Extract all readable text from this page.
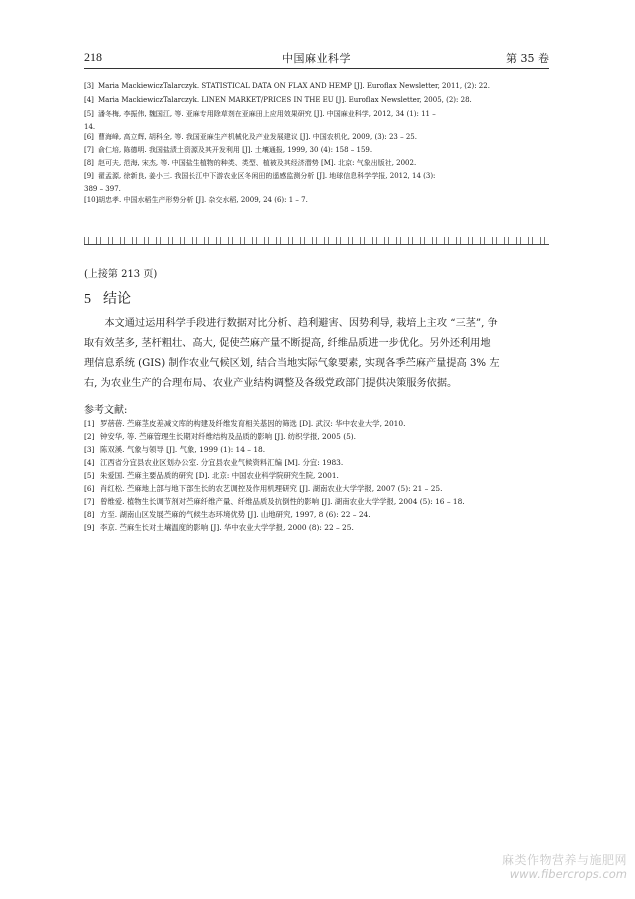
218	中国麻业科学	第 35 卷
[3] Maria MackiewiczTalarczyk. STATISTICAL DATA ON FLAX AND HEMP [J]. Euroflax Newsletter, 2011, (2): 22.
[4] Maria MackiewiczTalarczyk. LINEN MARKET/PRICES IN THE EU [J]. Euroflax Newsletter, 2005, (2): 28.
[5] 潘冬梅, 李振伟, 魏国江, 等. 亚麻专用除草剂在亚麻田上应用效果研究 [J]. 中国麻业科学, 2012, 34 (1): 11 –
14.
[6] 曹海峰, 高立辉, 胡科全, 等. 我国亚麻生产机械化及产业发展建议 [J]. 中国农机化, 2009, (3): 23 – 25.
[7] 俞仁培, 陈德明. 我国盐渍土资源及其开发利用 [J]. 土壤通报, 1999, 30 (4): 158 – 159.
[8] 赵可夫, 范海, 宋杰, 等. 中国盐生植物的种类、类型、植被及其经济潜势 [M]. 北京: 气象出版社, 2002.
[9] 翟孟源, 徐新良, 姜小三. 我国长江中下游农业区冬闲田的遥感监测分析 [J]. 地球信息科学学报, 2012, 14 (3):
389 – 397.
[10]胡忠孝. 中国水稻生产形势分析 [J]. 杂交水稻, 2009, 24 (6): 1 – 7.
(上接第 213 页)
5 结论
　　本文通过运用科学手段进行数据对比分析、趋利避害、因势利导, 栽培上主攻 “三茎”, 争
取有效茎多, 茎杆粗壮、高大, 促使苎麻产量不断提高, 纤维品质进一步优化。另外还利用地
理信息系统 (GIS) 制作农业气候区划, 结合当地实际气象要素, 实现各季苎麻产量提高 3% 左
右, 为农业生产的合理布局、农业产业结构调整及各级党政部门提供决策服务依据。
参考文献:
[1] 罗蓓蓓. 苎麻茎皮差减文库的构建及纤维发育相关基因的筛选 [D]. 武汉: 华中农业大学, 2010.
[2] 钟安华, 等. 苎麻管理生长期对纤维结构及品质的影响 [J]. 纺织学报, 2005 (5).
[3] 陈双溪. 气象与领导 [J]. 气象, 1999 (1): 14 – 18.
[4] 江西省分宜县农业区划办公室. 分宜县农业气候资料汇编 [M]. 分宜: 1983.
[5] 朱爱国. 苎麻主要品质的研究 [D]. 北京: 中国农业科学院研究生院, 2001.
[6] 肖红松. 苎麻地上部与地下部生长的农艺调控及作用机理研究 [J]. 湖南农业大学学报, 2007 (5): 21 – 25.
[7] 曾维爱. 植物生长调节剂对苎麻纤维产量、纤维品质及抗倒性的影响 [J]. 湖南农业大学学报, 2004 (5): 16 – 18.
[8] 方至. 湖南山区发展苎麻的气候生态环境优势 [J]. 山地研究, 1997, 8 (6): 22 – 24.
[9] 李京. 苎麻生长对土壤温度的影响 [J]. 华中农业大学学报, 2000 (8): 22 – 25.
麻类作物营养与施肥网
www.fibercrops.com
